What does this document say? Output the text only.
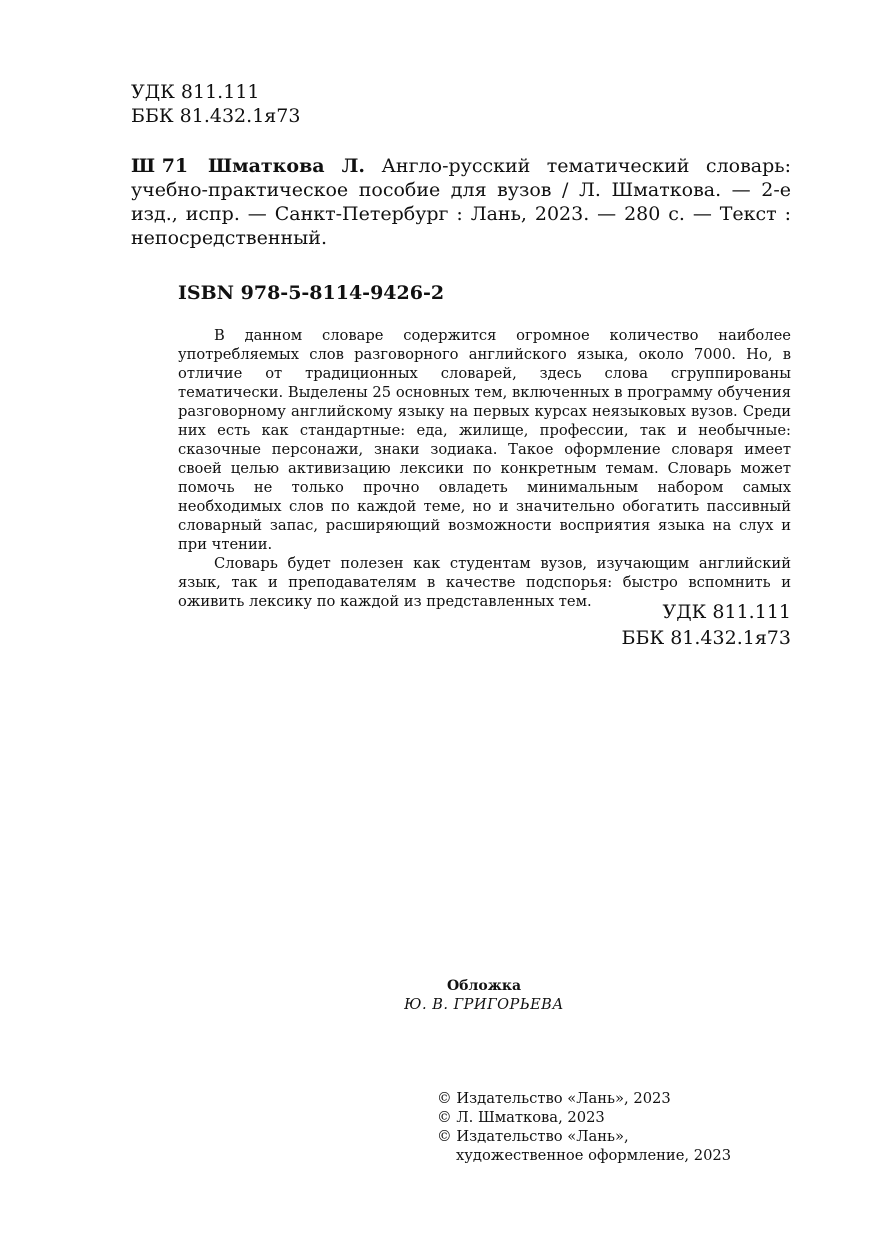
УДК 811.111
ББК 81.432.1я73
Ш 71	Шматкова Л. Англо-русский тематический словарь: учебно-практическое пособие для вузов / Л. Шматкова. — 2-е изд., испр. — Санкт-Петербург : Лань, 2023. — 280 с. — Текст : непосредственный.
ISBN 978-5-8114-9426-2

В данном словаре содержится огромное количество наиболее употребляемых слов разговорного английского языка, около 7000. Но, в отличие от традиционных словарей, здесь слова сгруппированы тематически. Выделены 25 основных тем, включенных в программу обучения разговорному английскому языку на первых курсах неязыковых вузов. Среди них есть как стандартные: еда, жилище, профессии, так и необычные: сказочные персонажи, знаки зодиака. Такое оформление словаря имеет своей целью активизацию лексики по конкретным темам. Словарь может помочь не только прочно овладеть минимальным набором самых необходимых слов по каждой теме, но и значительно обогатить пассивный словарный запас, расширяющий возможности восприятия языка на слух и при чтении.

Словарь будет полезен как студентам вузов, изучающим английский язык, так и преподавателям в качестве подспорья: быстро вспомнить и оживить лексику по каждой из представленных тем.	УДК 811.111
ББК 81.432.1я73
Обложка
Ю. В. ГРИГОРЬЕВА
© Издательство «Лань», 2023
© Л. Шматкова, 2023
© Издательство «Лань»,
художественное оформление, 2023
